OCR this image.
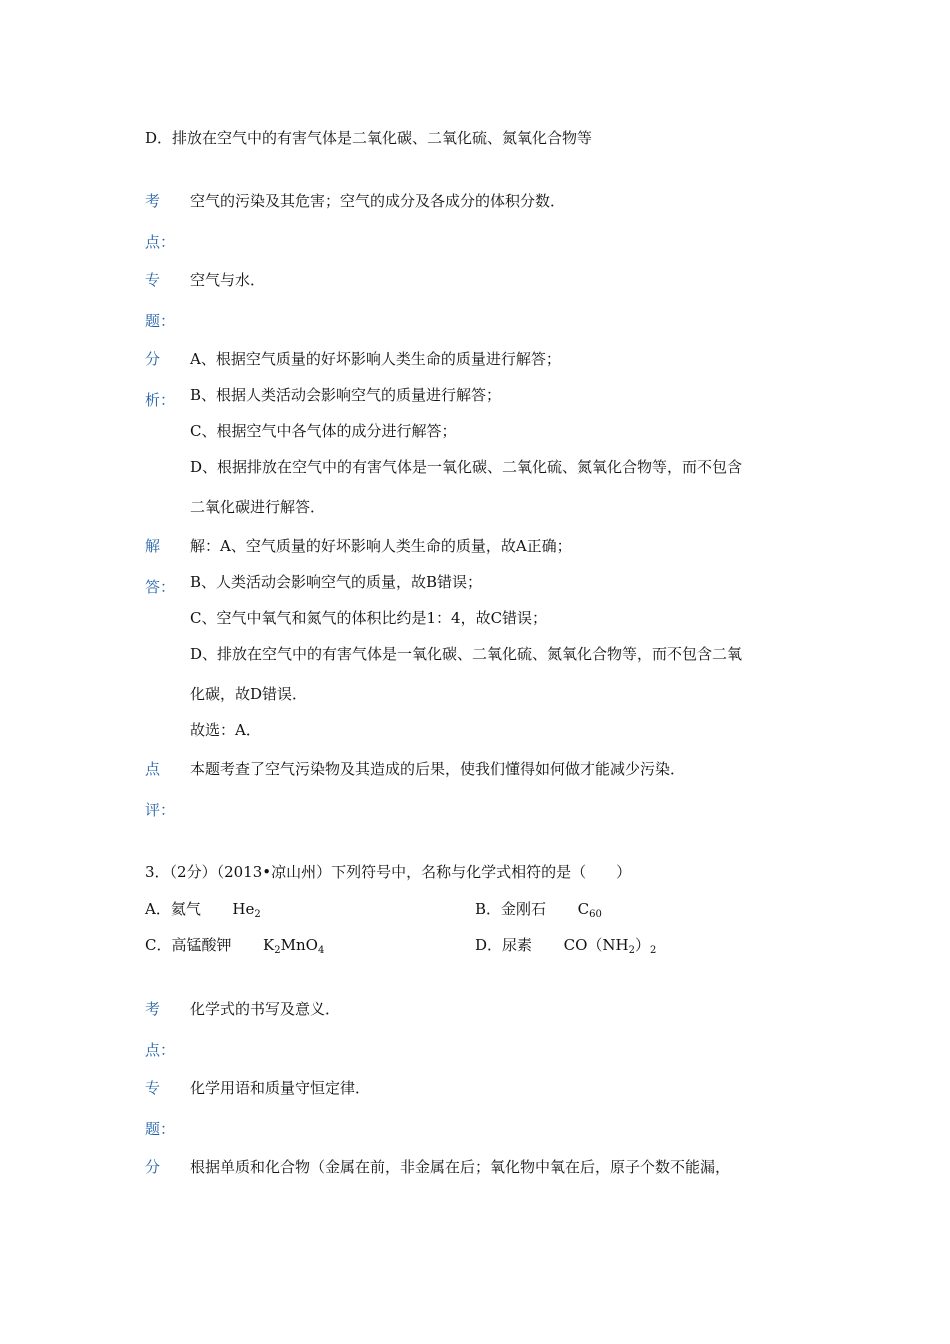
D．排放在空气中的有害气体是二氧化碳、二氧化硫、氮氧化合物等
考
点：
空气的污染及其危害；空气的成分及各成分的体积分数．
专
题：
空气与水．
分
析：
A、根据空气质量的好坏影响人类生命的质量进行解答；
B、根据人类活动会影响空气的质量进行解答；
C、根据空气中各气体的成分进行解答；
D、根据排放在空气中的有害气体是一氧化碳、二氧化硫、氮氧化合物等，而不包含
二氧化碳进行解答．
解
答：
解：A、空气质量的好坏影响人类生命的质量，故A正确；
B、人类活动会影响空气的质量，故B错误；
C、空气中氧气和氮气的体积比约是1：4，故C错误；
D、排放在空气中的有害气体是一氧化碳、二氧化硫、氮氧化合物等，而不包含二氧
化碳，故D错误．
故选：A．
点
评：
本题考查了空气污染物及其造成的后果，使我们懂得如何做才能减少污染．
3．（2分）（2013•凉山州）下列符号中，名称与化学式相符的是（　　）
A．氦气 $He_2$	B．金刚石 $C_{60}$
C．高锰酸钾 $K_2MnO_4$	D．尿素 $CO(NH_2)_2$
考
点：
化学式的书写及意义．
专
题：
化学用语和质量守恒定律．
分 根据单质和化合物（金属在前，非金属在后；氧化物中氧在后，原子个数不能漏，
